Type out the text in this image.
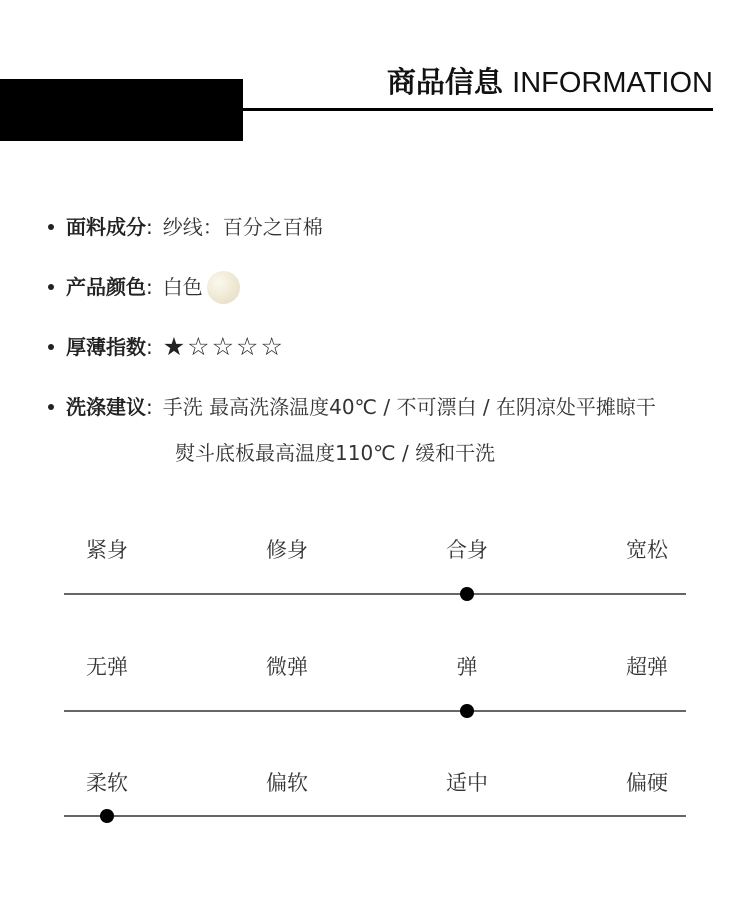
商品信息 INFORMATION
面料成分 : 纱线：百分之百棉
产品颜色 : 白色
厚薄指数 : ★ ☆ ☆ ☆ ☆
洗涤建议 : 手洗 最高洗涤温度40℃ / 不可漂白 / 在阴凉处平摊晾干
熨斗底板最高温度110℃ / 缓和干洗
紧身	修身	合身	宽松
无弹	微弹	弹	超弹
柔软	偏软	适中	偏硬
